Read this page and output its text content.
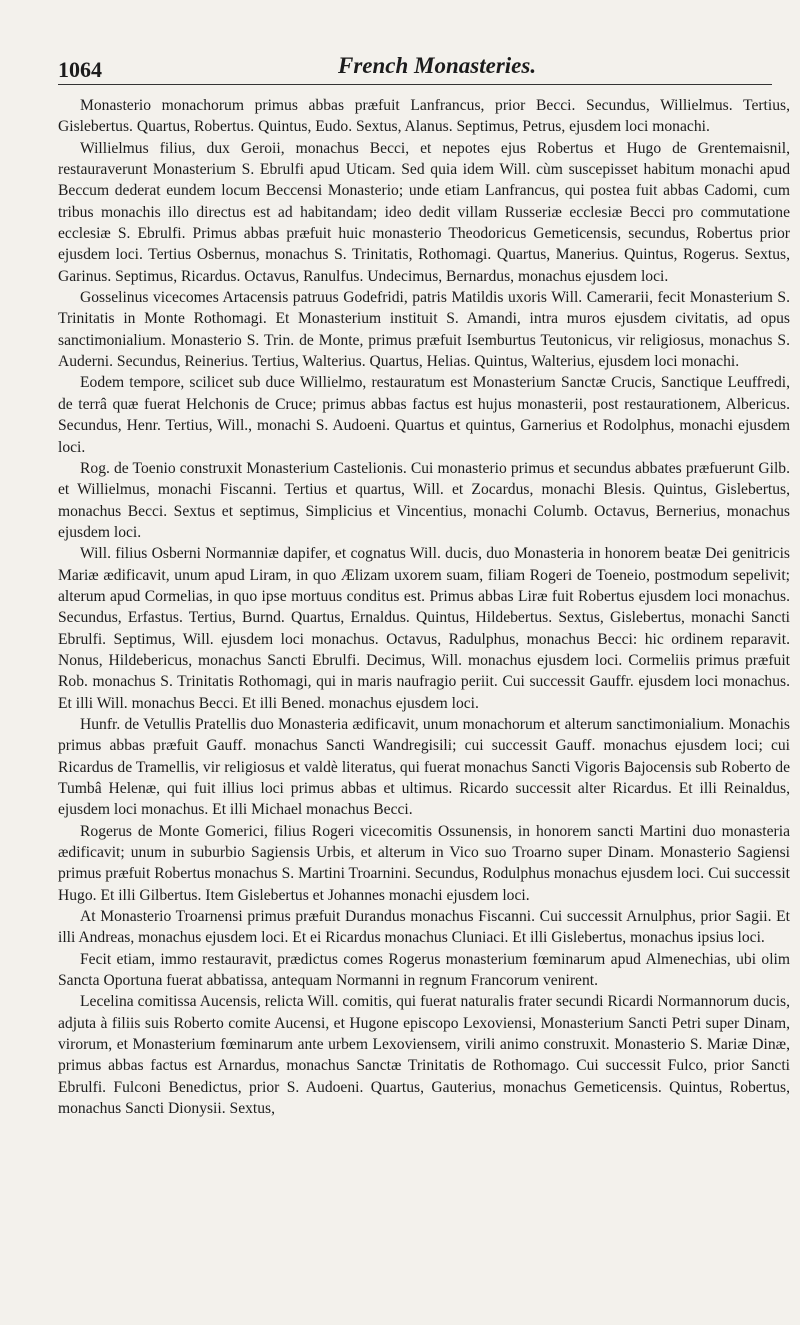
1064	French Monasteries.

Monasterio monachorum primus abbas præfuit Lanfrancus, prior Becci. Secundus, Willielmus. Tertius, Gislebertus. Quartus, Robertus. Quintus, Eudo. Sextus, Alanus. Septimus, Petrus, ejusdem loci monachi.

Willielmus filius, dux Geroii, monachus Becci, et nepotes ejus Robertus et Hugo de Grentemaisnil, restauraverunt Monasterium S. Ebrulfi apud Uticam. Sed quia idem Will. cùm suscepisset habitum monachi apud Beccum dederat eundem locum Beccensi Monasterio; unde etiam Lanfrancus, qui postea fuit abbas Cadomi, cum tribus monachis illo directus est ad habitandam; ideo dedit villam Russeriæ ecclesiæ Becci pro commutatione ecclesiæ S. Ebrulfi. Primus abbas præfuit huic monasterio Theodoricus Gemeticensis, secundus, Robertus prior ejusdem loci. Tertius Osbernus, monachus S. Trinitatis, Rothomagi. Quartus, Manerius. Quintus, Rogerus. Sextus, Garinus. Septimus, Ricardus. Octavus, Ranulfus. Undecimus, Bernardus, monachus ejusdem loci.

Gosselinus vicecomes Artacensis patruus Godefridi, patris Matildis uxoris Will. Camerarii, fecit Monasterium S. Trinitatis in Monte Rothomagi. Et Monasterium instituit S. Amandi, intra muros ejusdem civitatis, ad opus sanctimonialium. Monasterio S. Trin. de Monte, primus præfuit Isemburtus Teutonicus, vir religiosus, monachus S. Auderni. Secundus, Reinerius. Tertius, Walterius. Quartus, Helias. Quintus, Walterius, ejusdem loci monachi.

Eodem tempore, scilicet sub duce Willielmo, restauratum est Monasterium Sanctæ Crucis, Sanctique Leuffredi, de terrâ quæ fuerat Helchonis de Cruce; primus abbas factus est hujus monasterii, post restaurationem, Albericus. Secundus, Henr. Tertius, Will., monachi S. Audoeni. Quartus et quintus, Garnerius et Rodolphus, monachi ejusdem loci.

Rog. de Toenio construxit Monasterium Castelionis. Cui monasterio primus et secundus abbates præfuerunt Gilb. et Willielmus, monachi Fiscanni. Tertius et quartus, Will. et Zocardus, monachi Blesis. Quintus, Gislebertus, monachus Becci. Sextus et septimus, Simplicius et Vincentius, monachi Columb. Octavus, Bernerius, monachus ejusdem loci.

Will. filius Osberni Normanniæ dapifer, et cognatus Will. ducis, duo Monasteria in honorem beatæ Dei genitricis Mariæ ædificavit, unum apud Liram, in quo Ælizam uxorem suam, filiam Rogeri de Toeneio, postmodum sepelivit; alterum apud Cormelias, in quo ipse mortuus conditus est. Primus abbas Liræ fuit Robertus ejusdem loci monachus. Secundus, Erfastus. Tertius, Burnd. Quartus, Ernaldus. Quintus, Hildebertus. Sextus, Gislebertus, monachi Sancti Ebrulfi. Septimus, Will. ejusdem loci monachus. Octavus, Radulphus, monachus Becci: hic ordinem reparavit. Nonus, Hildebericus, monachus Sancti Ebrulfi. Decimus, Will. monachus ejusdem loci. Cormeliis primus præfuit Rob. monachus S. Trinitatis Rothomagi, qui in maris naufragio periit. Cui successit Gauffr. ejusdem loci monachus. Et illi Will. monachus Becci. Et illi Bened. monachus ejusdem loci.

Hunfr. de Vetullis Pratellis duo Monasteria ædificavit, unum monachorum et alterum sanctimonialium. Monachis primus abbas præfuit Gauff. monachus Sancti Wandregisili; cui successit Gauff. monachus ejusdem loci; cui Ricardus de Tramellis, vir religiosus et valdè literatus, qui fuerat monachus Sancti Vigoris Bajocensis sub Roberto de Tumbâ Helenæ, qui fuit illius loci primus abbas et ultimus. Ricardo successit alter Ricardus. Et illi Reinaldus, ejusdem loci monachus. Et illi Michael monachus Becci.

Rogerus de Monte Gomerici, filius Rogeri vicecomitis Ossunensis, in honorem sancti Martini duo monasteria ædificavit; unum in suburbio Sagiensis Urbis, et alterum in Vico suo Troarno super Dinam. Monasterio Sagiensi primus præfuit Robertus monachus S. Martini Troarnini. Secundus, Rodulphus monachus ejusdem loci. Cui successit Hugo. Et illi Gilbertus. Item Gislebertus et Johannes monachi ejusdem loci.

At Monasterio Troarnensi primus præfuit Durandus monachus Fiscanni. Cui successit Arnulphus, prior Sagii. Et illi Andreas, monachus ejusdem loci. Et ei Ricardus monachus Cluniaci. Et illi Gislebertus, monachus ipsius loci.

Fecit etiam, immo restauravit, prædictus comes Rogerus monasterium fœminarum apud Almenechias, ubi olim Sancta Oportuna fuerat abbatissa, antequam Normanni in regnum Francorum venirent.

Lecelina comitissa Aucensis, relicta Will. comitis, qui fuerat naturalis frater secundi Ricardi Normannorum ducis, adjuta à filiis suis Roberto comite Aucensi, et Hugone episcopo Lexoviensi, Monasterium Sancti Petri super Dinam, virorum, et Monasterium fœminarum ante urbem Lexoviensem, virili animo construxit. Monasterio S. Mariæ Dinæ, primus abbas factus est Arnardus, monachus Sanctæ Trinitatis de Rothomago. Cui successit Fulco, prior Sancti Ebrulfi. Fulconi Benedictus, prior S. Audoeni. Quartus, Gauterius, monachus Gemeticensis. Quintus, Robertus, monachus Sancti Dionysii. Sextus,
